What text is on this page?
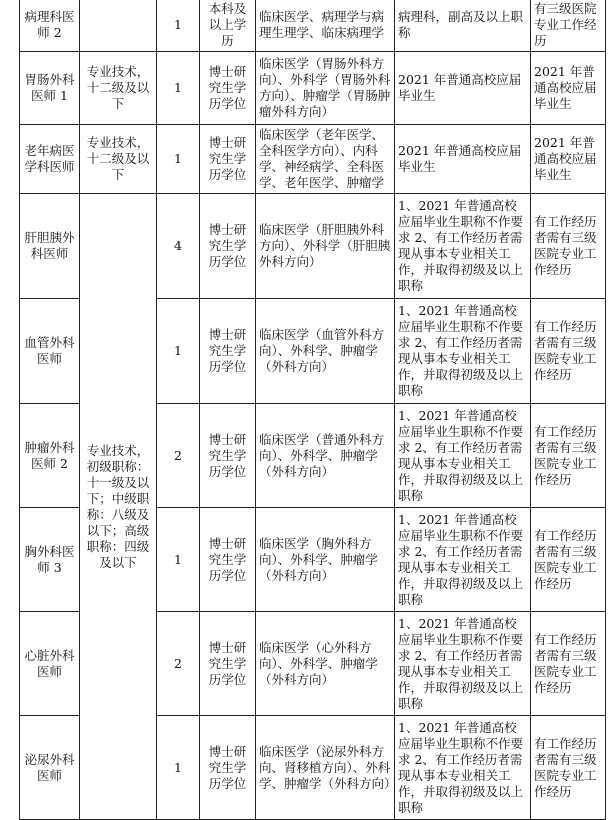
病理科医师 2		1	本科及以上学历	临床医学、病理学与病理生理学、临床病理学	病理科，副高及以上职称	有三级医院专业工作经历
胃肠外科医师 1	专业技术，十二级及以下	1	博士研究生学历学位	临床医学（胃肠外科方向）、外科学（胃肠外科方向）、肿瘤学（胃肠肿瘤外科方向）	2021 年普通高校应届毕业生	2021 年普通高校应届毕业生
老年病医学科医师	专业技术，十二级及以下	1	博士研究生学历学位	临床医学（老年医学、全科医学方向）、内科学、神经病学、全科医学、老年医学、肿瘤学	2021 年普通高校应届毕业生	2021 年普通高校应届毕业生
肝胆胰外科医师	专业技术，初级职称：十一级及以下；中级职称：八级及以下；高级职称：四级及以下	4	博士研究生学历学位	临床医学（肝胆胰外科方向）、外科学（肝胆胰外科方向）	1、2021 年普通高校应届毕业生职称不作要求 2、有工作经历者需现从事本专业相关工作，并取得初级及以上职称	有工作经历者需有三级医院专业工作经历
血管外科医师		1	博士研究生学历学位	临床医学（血管外科方向）、外科学、肿瘤学（外科方向）	1、2021 年普通高校应届毕业生职称不作要求 2、有工作经历者需现从事本专业相关工作，并取得初级及以上职称	有工作经历者需有三级医院专业工作经历
肿瘤外科医师 2		2	博士研究生学历学位	临床医学（普通外科方向）、外科学、肿瘤学（外科方向）	1、2021 年普通高校应届毕业生职称不作要求 2、有工作经历者需现从事本专业相关工作，并取得初级及以上职称	有工作经历者需有三级医院专业工作经历
胸外科医师 3		1	博士研究生学历学位	临床医学（胸外科方向）、外科学、肿瘤学（外科方向）	1、2021 年普通高校应届毕业生职称不作要求 2、有工作经历者需现从事本专业相关工作，并取得初级及以上职称	有工作经历者需有三级医院专业工作经历
心脏外科医师		2	博士研究生学历学位	临床医学（心外科方向）、外科学、肿瘤学（外科方向）	1、2021 年普通高校应届毕业生职称不作要求 2、有工作经历者需现从事本专业相关工作，并取得初级及以上职称	有工作经历者需有三级医院专业工作经历
泌尿外科医师		1	博士研究生学历学位	临床医学（泌尿外科方向、肾移植方向）、外科学、肿瘤学（外科方向）	1、2021 年普通高校应届毕业生职称不作要求 2、有工作经历者需现从事本专业相关工作，并取得初级及以上职称	有工作经历者需有三级医院专业工作经历
